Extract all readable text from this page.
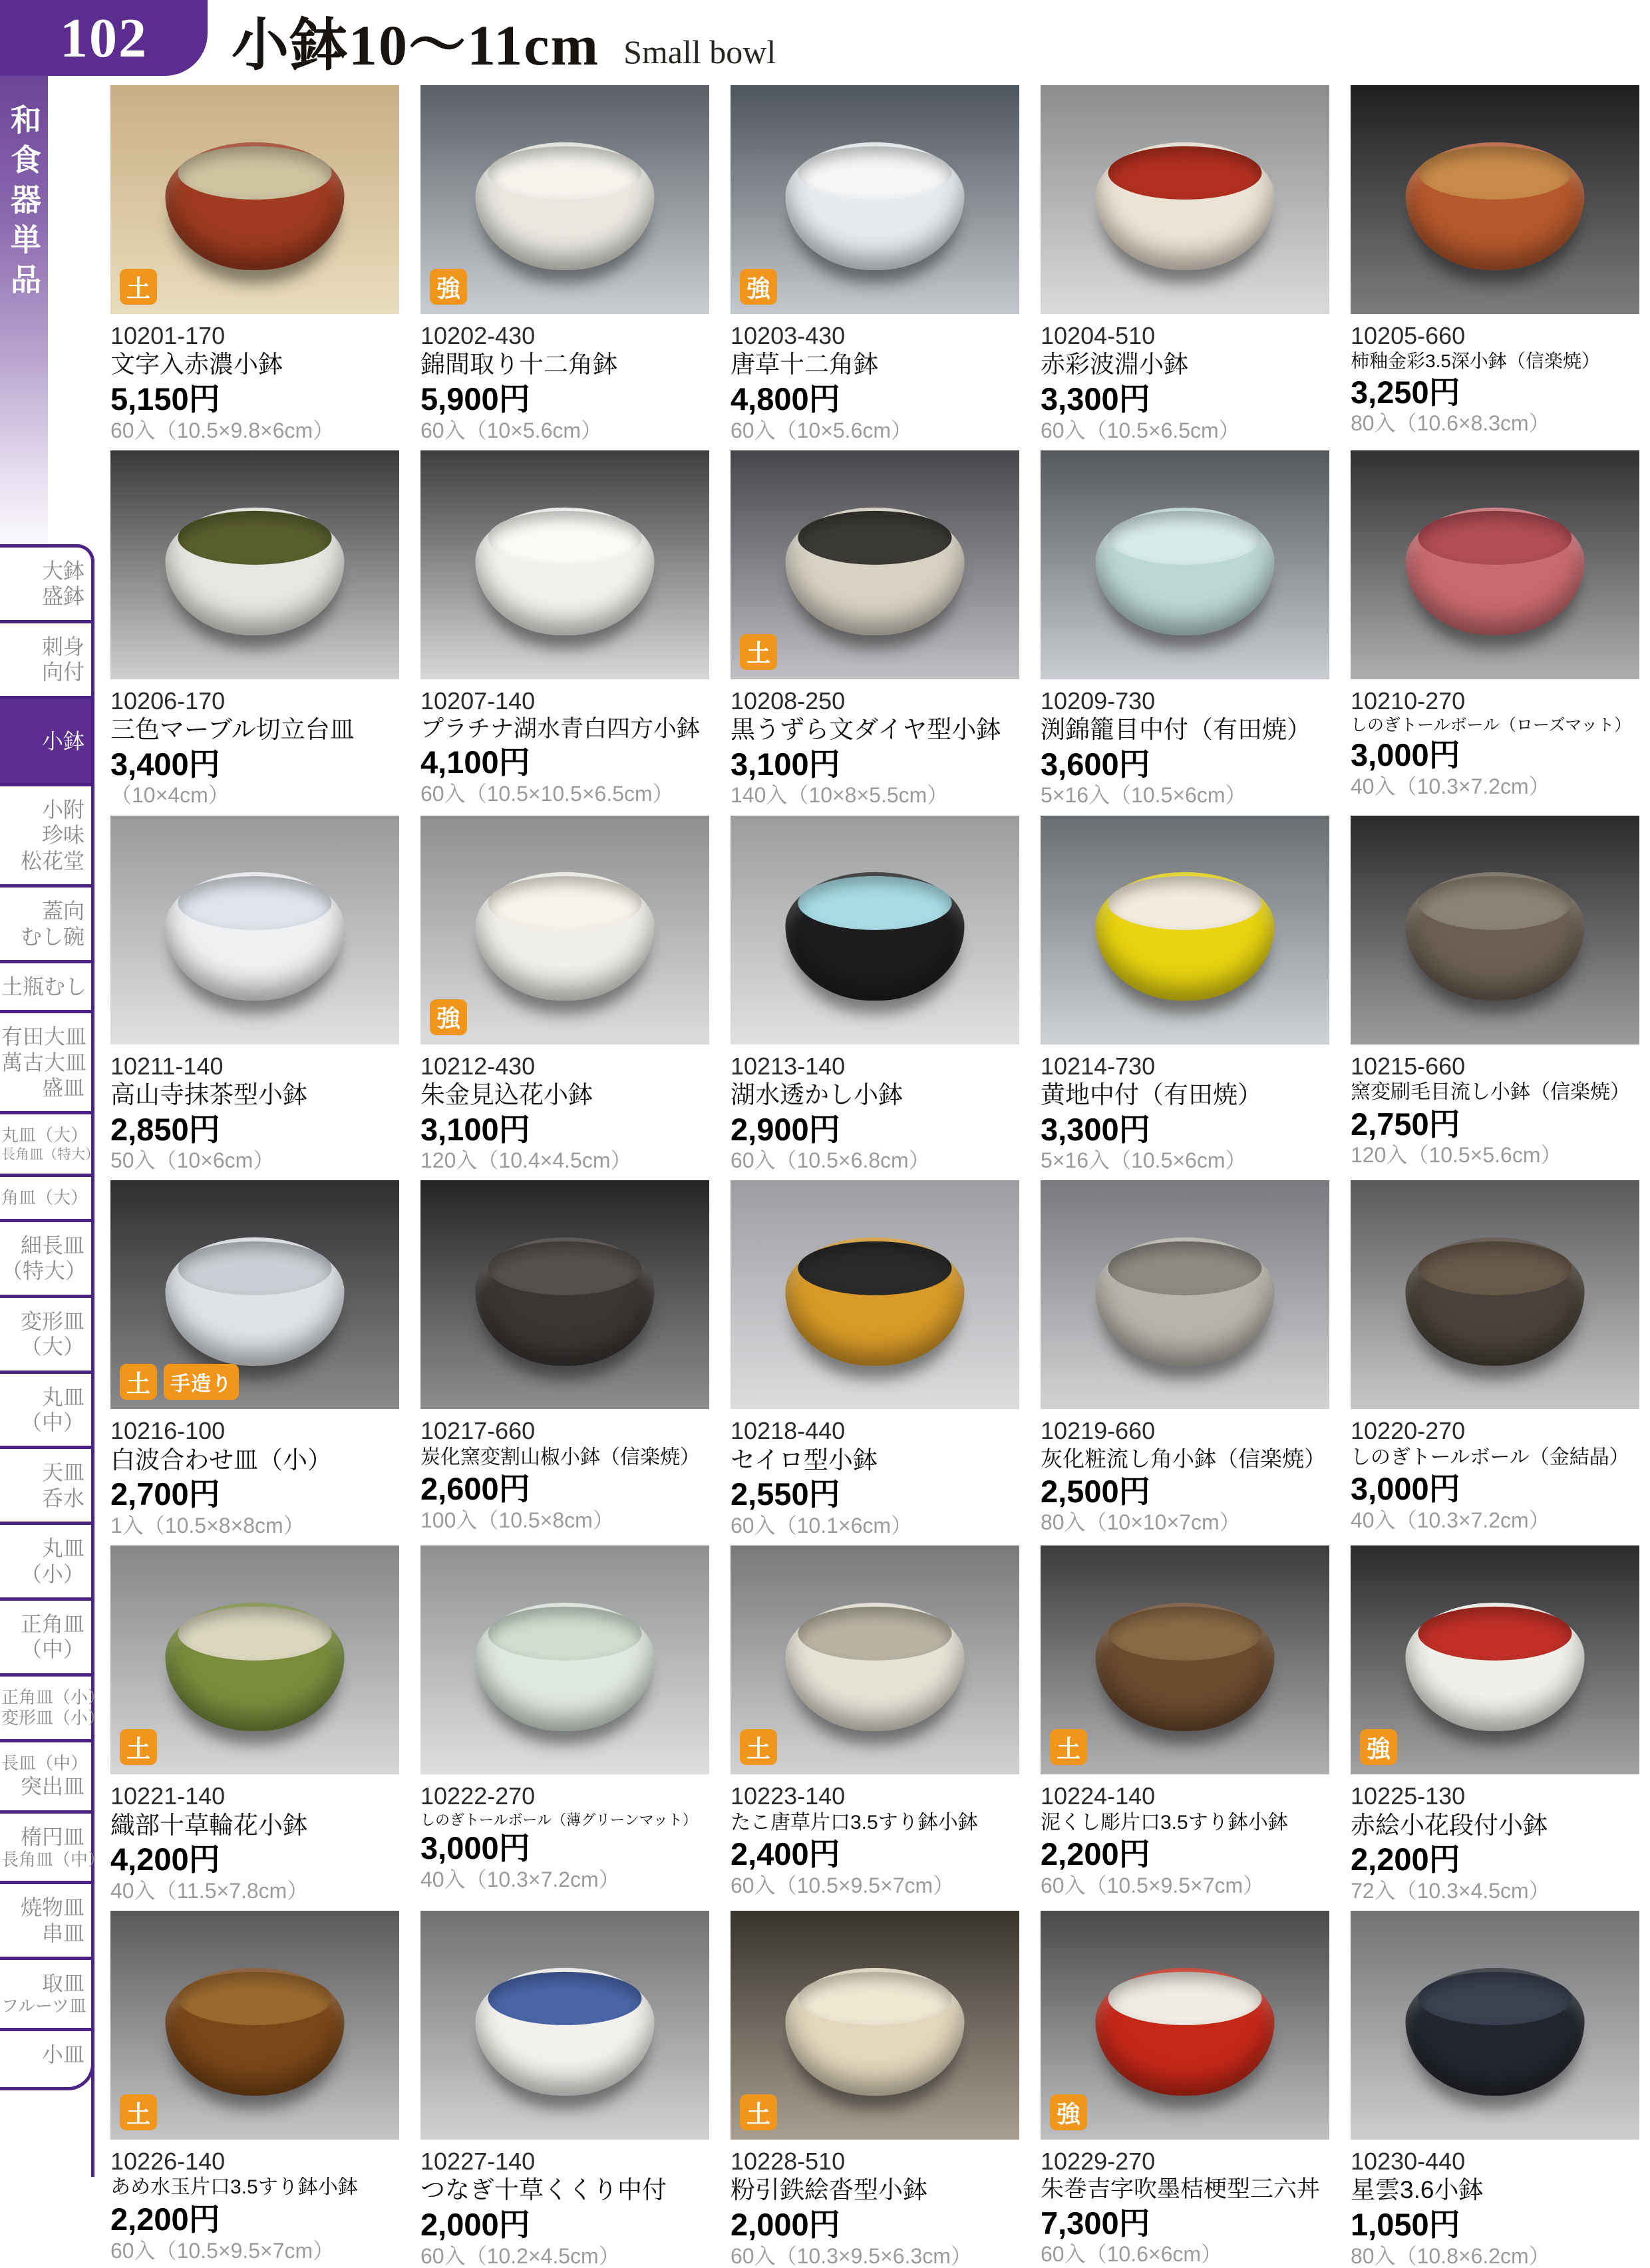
102 小鉢10～11cm Small bowl
和食器単品
大鉢
盛鉢
刺身
向付
小鉢
小附
珍味
松花堂
蓋向
むし碗
土瓶むし
有田大皿
萬古大皿
盛皿
丸皿（大）
長角皿（特大）
角皿（大）
細長皿
（特大）
変形皿
（大）
丸皿
（中）
天皿
呑水
丸皿
（小）
正角皿
（中）
正角皿（小）
変形皿（小）
長皿（中）
突出皿
楕円皿
長角皿（中）
焼物皿
串皿
取皿
フルーツ皿
小皿
土
10201-170
文字入赤濃小鉢
5,150円
60入（10.5×9.8×6cm）
強
10202-430
錦間取り十二角鉢
5,900円
60入（10×5.6cm）
強
10203-430
唐草十二角鉢
4,800円
60入（10×5.6cm）
10204-510
赤彩波淵小鉢
3,300円
60入（10.5×6.5cm）
10205-660
柿釉金彩3.5深小鉢（信楽焼）
3,250円
80入（10.6×8.3cm）
10206-170
三色マーブル切立台皿
3,400円
（10×4cm）
10207-140
プラチナ湖水青白四方小鉢
4,100円
60入（10.5×10.5×6.5cm）
土
10208-250
黒うずら文ダイヤ型小鉢
3,100円
140入（10×8×5.5cm）
10209-730
渕錦籠目中付（有田焼）
3,600円
5×16入（10.5×6cm）
10210-270
しのぎトールボール（ローズマット）
3,000円
40入（10.3×7.2cm）
10211-140
高山寺抹茶型小鉢
2,850円
50入（10×6cm）
強
10212-430
朱金見込花小鉢
3,100円
120入（10.4×4.5cm）
10213-140
湖水透かし小鉢
2,900円
60入（10.5×6.8cm）
10214-730
黄地中付（有田焼）
3,300円
5×16入（10.5×6cm）
10215-660
窯変刷毛目流し小鉢（信楽焼）
2,750円
120入（10.5×5.6cm）
土	手造り
10216-100
白波合わせ皿（小）
2,700円
1入（10.5×8×8cm）
10217-660
炭化窯変割山椒小鉢（信楽焼）
2,600円
100入（10.5×8cm）
10218-440
セイロ型小鉢
2,550円
60入（10.1×6cm）
10219-660
灰化粧流し角小鉢（信楽焼）
2,500円
80入（10×10×7cm）
10220-270
しのぎトールボール（金結晶）
3,000円
40入（10.3×7.2cm）
土
10221-140
織部十草輪花小鉢
4,200円
40入（11.5×7.8cm）
10222-270
しのぎトールボール（薄グリーンマット）
3,000円
40入（10.3×7.2cm）
土
10223-140
たこ唐草片口3.5すり鉢小鉢
2,400円
60入（10.5×9.5×7cm）
土
10224-140
泥くし彫片口3.5すり鉢小鉢
2,200円
60入（10.5×9.5×7cm）
強
10225-130
赤絵小花段付小鉢
2,200円
72入（10.3×4.5cm）
土
10226-140
あめ水玉片口3.5すり鉢小鉢
2,200円
60入（10.5×9.5×7cm）
10227-140
つなぎ十草くくり中付
2,000円
60入（10.2×4.5cm）
土
10228-510
粉引鉄絵沓型小鉢
2,000円
60入（10.3×9.5×6.3cm）
強
10229-270
朱巻吉字吹墨桔梗型三六丼
7,300円
60入（10.6×6cm）
10230-440
星雲3.6小鉢
1,050円
80入（10.8×6.2cm）
